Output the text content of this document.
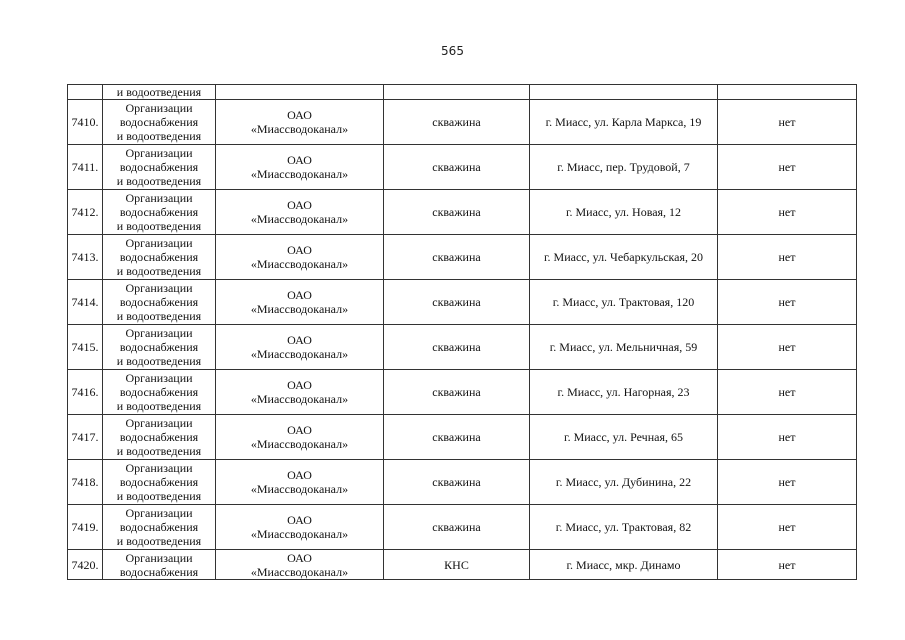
565
	и водоотведения				
7410.	Организации
водоснабжения
и водоотведения	ОАО
«Миассводоканал»	скважина	г. Миасс, ул. Карла Маркса, 19	нет
7411.	Организации
водоснабжения
и водоотведения	ОАО
«Миассводоканал»	скважина	г. Миасс, пер. Трудовой, 7	нет
7412.	Организации
водоснабжения
и водоотведения	ОАО
«Миассводоканал»	скважина	г. Миасс, ул. Новая, 12	нет
7413.	Организации
водоснабжения
и водоотведения	ОАО
«Миассводоканал»	скважина	г. Миасс, ул. Чебаркульская, 20	нет
7414.	Организации
водоснабжения
и водоотведения	ОАО
«Миассводоканал»	скважина	г. Миасс, ул. Трактовая, 120	нет
7415.	Организации
водоснабжения
и водоотведения	ОАО
«Миассводоканал»	скважина	г. Миасс, ул. Мельничная, 59	нет
7416.	Организации
водоснабжения
и водоотведения	ОАО
«Миассводоканал»	скважина	г. Миасс, ул. Нагорная, 23	нет
7417.	Организации
водоснабжения
и водоотведения	ОАО
«Миассводоканал»	скважина	г. Миасс, ул. Речная, 65	нет
7418.	Организации
водоснабжения
и водоотведения	ОАО
«Миассводоканал»	скважина	г. Миасс, ул. Дубинина, 22	нет
7419.	Организации
водоснабжения
и водоотведения	ОАО
«Миассводоканал»	скважина	г. Миасс, ул. Трактовая, 82	нет
7420.	Организации
водоснабжения	ОАО
«Миассводоканал»	КНС	г. Миасс, мкр. Динамо	нет
